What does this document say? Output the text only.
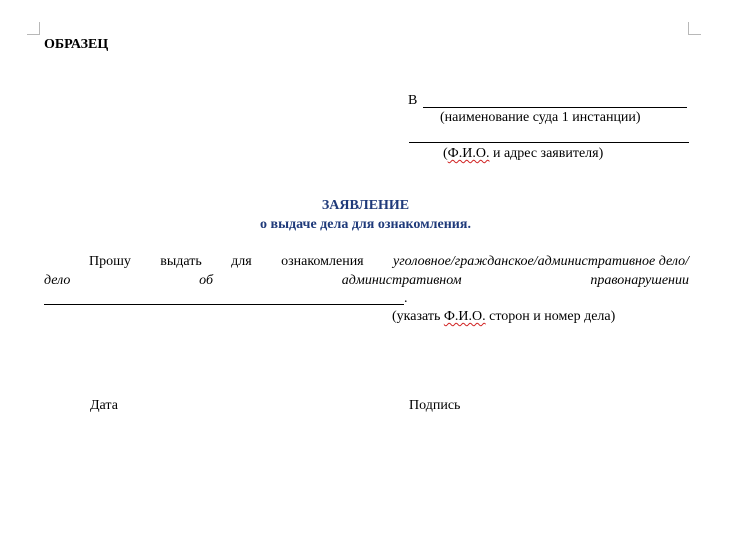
ОБРАЗЕЦ
В
(наименование суда 1 инстанции)
(Ф.И.О. и адрес заявителя)
ЗАЯВЛЕНИЕ
о выдаче дела для ознакомления.
Прошу выдать для ознакомления уголовное/гражданское/административное дело/
дело	об	административном	правонарушении
.
(указать Ф.И.О. сторон и номер дела)
Дата	Подпись
